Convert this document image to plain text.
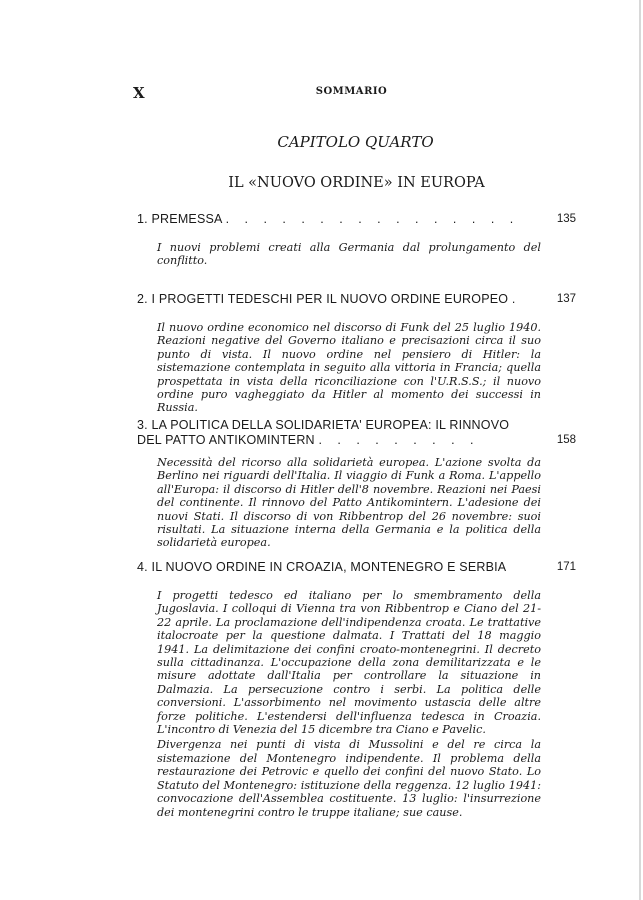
X	SOMMARIO
CAPITOLO QUARTO
IL «NUOVO ORDINE» IN EUROPA
1. PREMESSA . . . . . . . . . . . . . . . .	135

I nuovi problemi creati alla Germania dal prolungamento del conflitto.

2. I PROGETTI TEDESCHI PER IL NUOVO ORDINE EUROPEO .	137

Il nuovo ordine economico nel discorso di Funk del 25 luglio 1940. Reazioni negative del Governo italiano e precisazioni circa il suo punto di vista. Il nuovo ordine nel pensiero di Hitler: la sistemazione contemplata in seguito alla vittoria in Francia; quella prospettata in vista della riconciliazione con l'U.R.S.S.; il nuovo ordine puro vagheggiato da Hitler al momento dei successi in Russia.

3. LA POLITICA DELLA SOLIDARIETA' EUROPEA: IL RINNOVO DEL PATTO ANTIKOMINTERN . . . . . . . . .	158

Necessità del ricorso alla solidarietà europea. L'azione svolta da Berlino nei riguardi dell'Italia. Il viaggio di Funk a Roma. L'appello all'Europa: il discorso di Hitler dell'8 novembre. Reazioni nei Paesi del continente. Il rinnovo del Patto Antikomintern. L'adesione dei nuovi Stati. Il discorso di von Ribbentrop del 26 novembre: suoi risultati. La situazione interna della Germania e la politica della solidarietà europea.

4. IL NUOVO ORDINE IN CROAZIA, MONTENEGRO E SERBIA	171

I progetti tedesco ed italiano per lo smembramento della Jugoslavia. I colloqui di Vienna tra von Ribbentrop e Ciano del 21-22 aprile. La proclamazione dell'indipendenza croata. Le trattative italocroate per la questione dalmata. I Trattati del 18 maggio 1941. La delimitazione dei confini croato-montenegrini. Il decreto sulla cittadinanza. L'occupazione della zona demilitarizzata e le misure adottate dall'Italia per controllare la situazione in Dalmazia. La persecuzione contro i serbi. La politica delle conversioni. L'assorbimento nel movimento ustascia delle altre forze politiche. L'estendersi dell'influenza tedesca in Croazia. L'incontro di Venezia del 15 dicembre tra Ciano e Pavelic.

Divergenza nei punti di vista di Mussolini e del re circa la sistemazione del Montenegro indipendente. Il problema della restaurazione dei Petrovic e quello dei confini del nuovo Stato. Lo Statuto del Montenegro: istituzione della reggenza. 12 luglio 1941: convocazione dell'Assemblea costituente. 13 luglio: l'insurrezione dei montenegrini contro le truppe italiane; sue cause.
